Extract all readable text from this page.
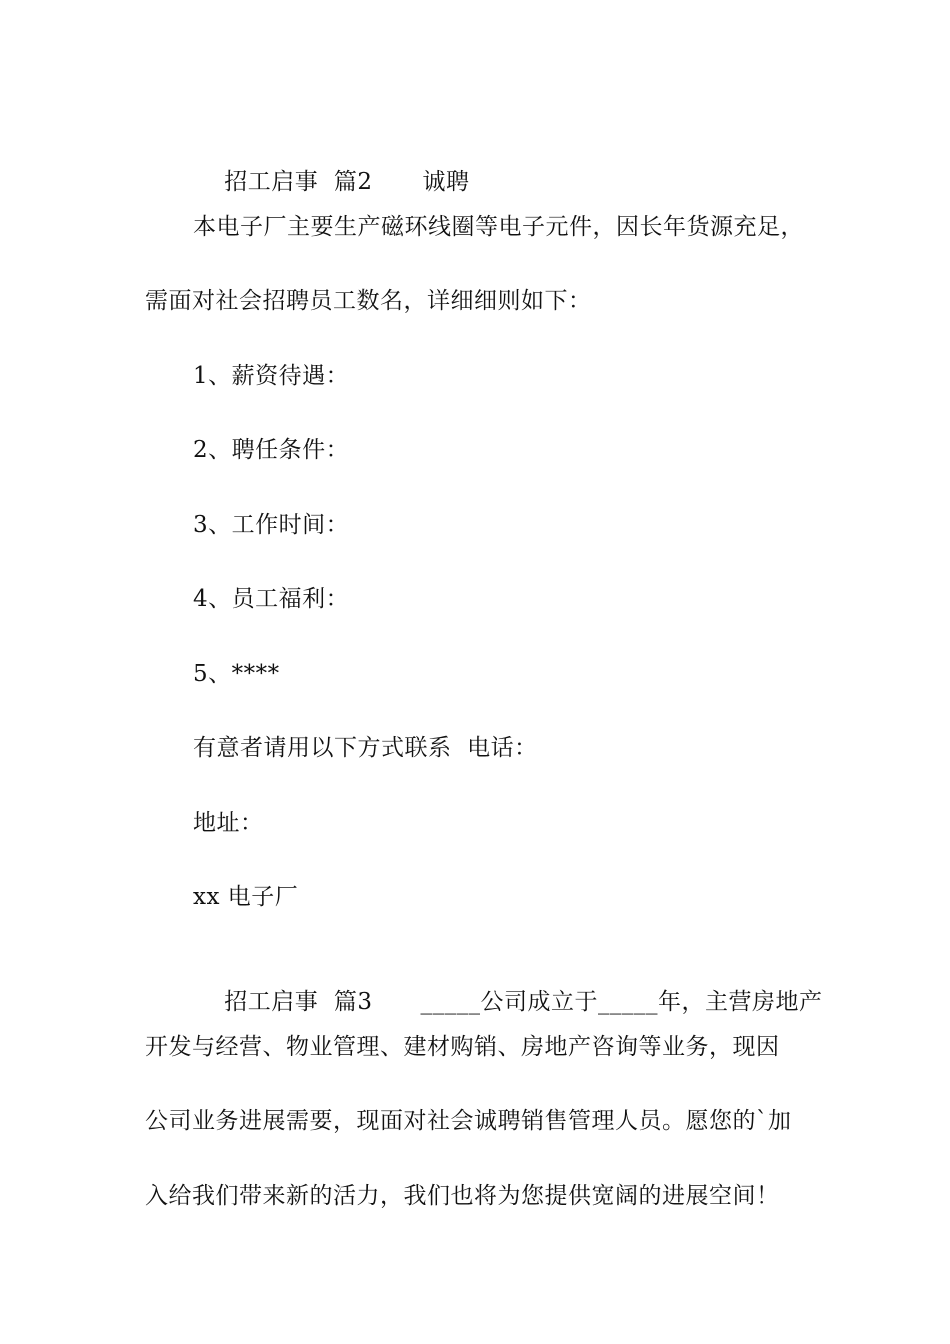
招工启事  篇2 诚聘

本电子厂主要生产磁环线圈等电子元件，因长年货源充足，
需面对社会招聘员工数名，详细细则如下：
1、薪资待遇：
2、聘任条件：
3、工作时间：
4、员工福利：
5、****
有意者请用以下方式联系  电话：
地址：
xx 电子厂

招工启事  篇3 _____公司成立于_____年，主营房地产

开发与经营、物业管理、建材购销、房地产咨询等业务，现因
公司业务进展需要，现面对社会诚聘销售管理人员。愿您的`加
入给我们带来新的活力，我们也将为您提供宽阔的进展空间！
